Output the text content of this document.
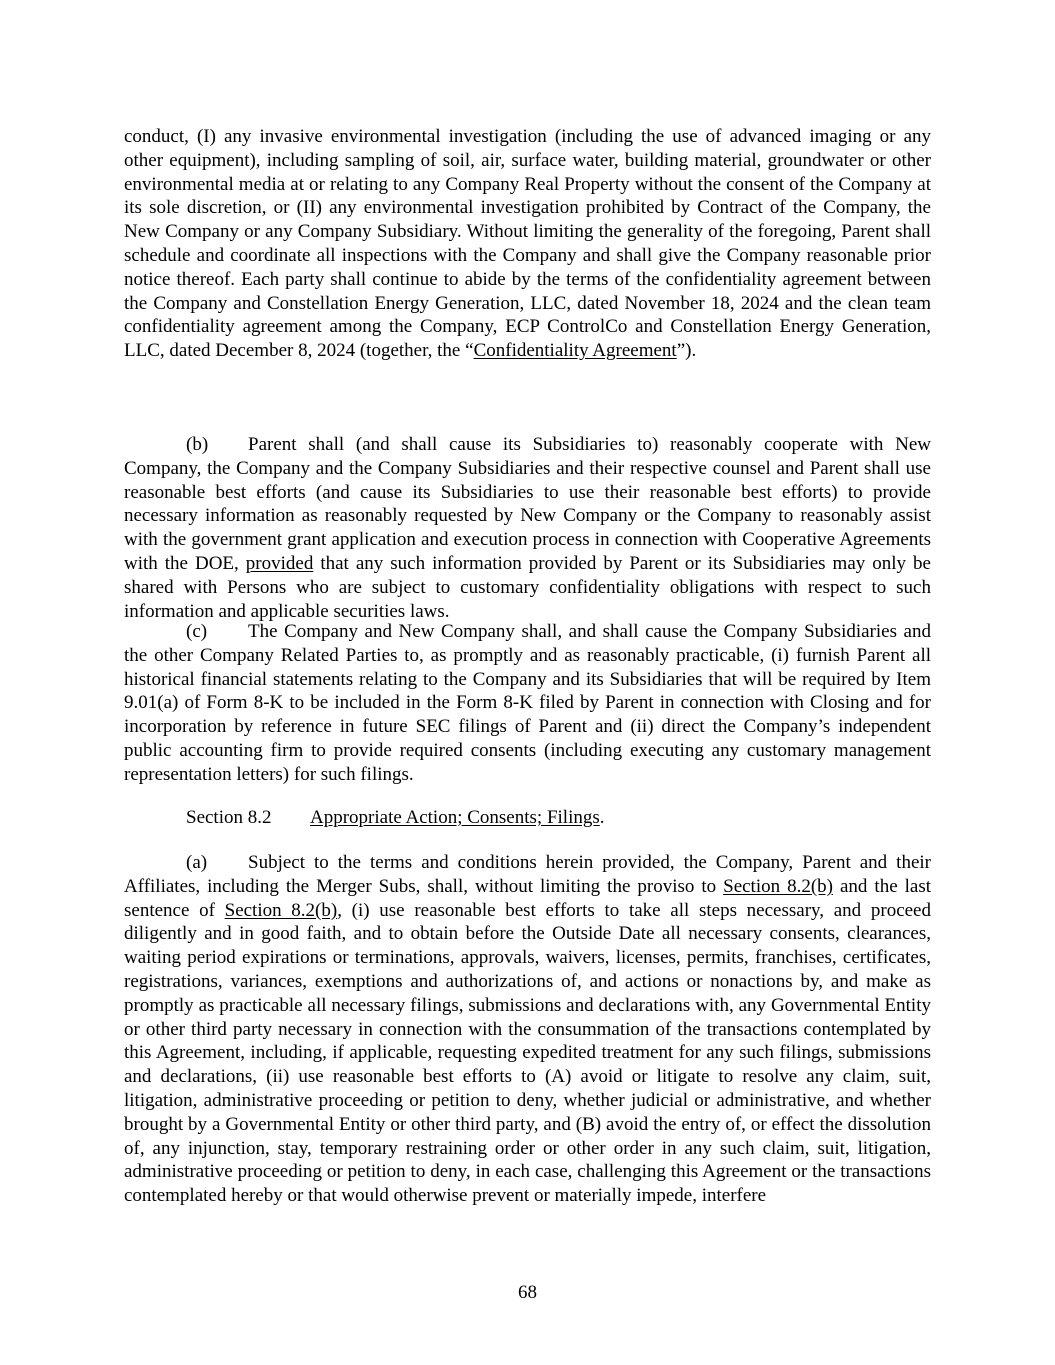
conduct, (I) any invasive environmental investigation (including the use of advanced imaging or any other equipment), including sampling of soil, air, surface water, building material, groundwater or other environmental media at or relating to any Company Real Property without the consent of the Company at its sole discretion, or (II) any environmental investigation prohibited by Contract of the Company, the New Company or any Company Subsidiary. Without limiting the generality of the foregoing, Parent shall schedule and coordinate all inspections with the Company and shall give the Company reasonable prior notice thereof. Each party shall continue to abide by the terms of the confidentiality agreement between the Company and Constellation Energy Generation, LLC, dated November 18, 2024 and the clean team confidentiality agreement among the Company, ECP ControlCo and Constellation Energy Generation, LLC, dated December 8, 2024 (together, the “Confidentiality Agreement”).

(b) Parent shall (and shall cause its Subsidiaries to) reasonably cooperate with New Company, the Company and the Company Subsidiaries and their respective counsel and Parent shall use reasonable best efforts (and cause its Subsidiaries to use their reasonable best efforts) to provide necessary information as reasonably requested by New Company or the Company to reasonably assist with the government grant application and execution process in connection with Cooperative Agreements with the DOE, provided that any such information provided by Parent or its Subsidiaries may only be shared with Persons who are subject to customary confidentiality obligations with respect to such information and applicable securities laws.

(c) The Company and New Company shall, and shall cause the Company Subsidiaries and the other Company Related Parties to, as promptly and as reasonably practicable, (i) furnish Parent all historical financial statements relating to the Company and its Subsidiaries that will be required by Item 9.01(a) of Form 8-K to be included in the Form 8-K filed by Parent in connection with Closing and for incorporation by reference in future SEC filings of Parent and (ii) direct the Company’s independent public accounting firm to provide required consents (including executing any customary management representation letters) for such filings.

Section 8.2 Appropriate Action; Consents; Filings.

(a) Subject to the terms and conditions herein provided, the Company, Parent and their Affiliates, including the Merger Subs, shall, without limiting the proviso to Section 8.2(b) and the last sentence of Section 8.2(b), (i) use reasonable best efforts to take all steps necessary, and proceed diligently and in good faith, and to obtain before the Outside Date all necessary consents, clearances, waiting period expirations or terminations, approvals, waivers, licenses, permits, franchises, certificates, registrations, variances, exemptions and authorizations of, and actions or nonactions by, and make as promptly as practicable all necessary filings, submissions and declarations with, any Governmental Entity or other third party necessary in connection with the consummation of the transactions contemplated by this Agreement, including, if applicable, requesting expedited treatment for any such filings, submissions and declarations, (ii) use reasonable best efforts to (A) avoid or litigate to resolve any claim, suit, litigation, administrative proceeding or petition to deny, whether judicial or administrative, and whether brought by a Governmental Entity or other third party, and (B) avoid the entry of, or effect the dissolution of, any injunction, stay, temporary restraining order or other order in any such claim, suit, litigation, administrative proceeding or petition to deny, in each case, challenging this Agreement or the transactions contemplated hereby or that would otherwise prevent or materially impede, interfere

68
